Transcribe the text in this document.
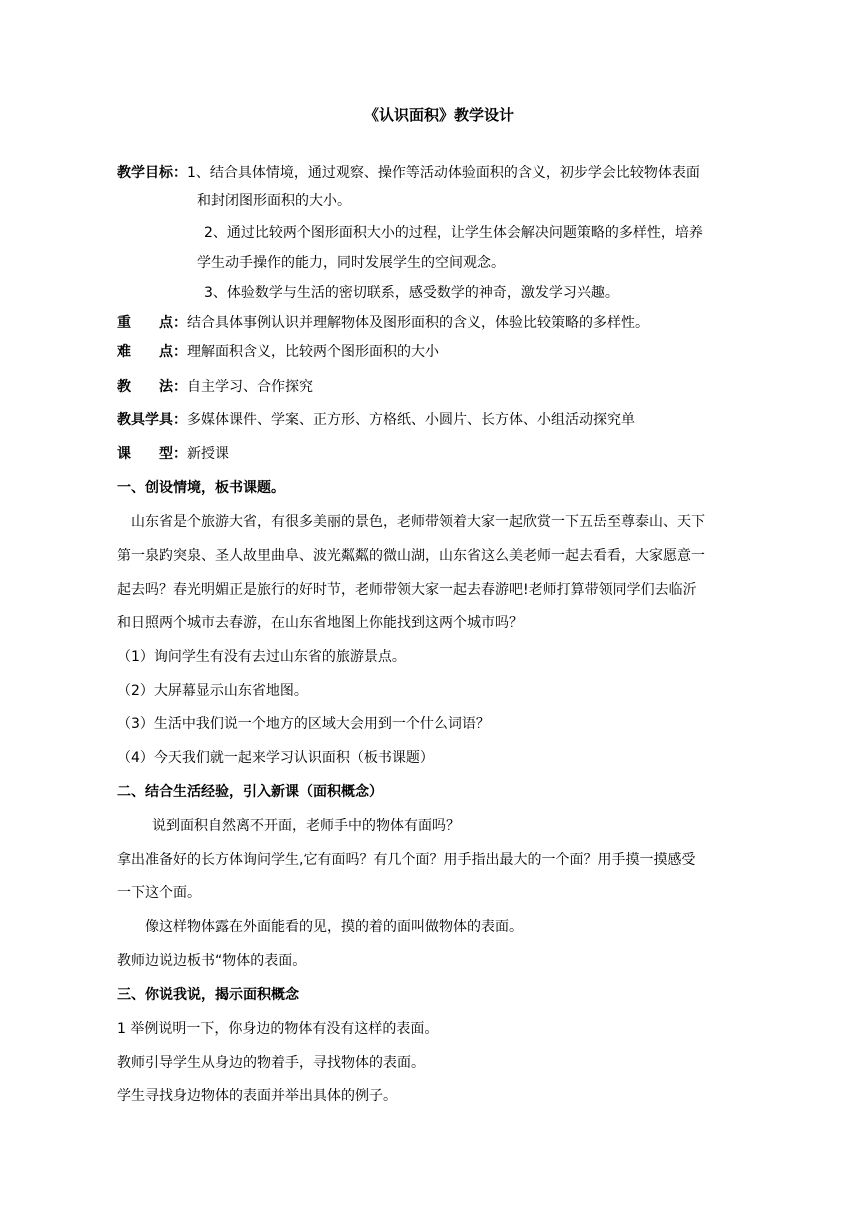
《认识面积》教学设计
教学目标：1、结合具体情境，通过观察、操作等活动体验面积的含义，初步学会比较物体表面
和封闭图形面积的大小。
2、通过比较两个图形面积大小的过程，让学生体会解决问题策略的多样性，培养
学生动手操作的能力，同时发展学生的空间观念。
3、体验数学与生活的密切联系，感受数学的神奇，激发学习兴趣。
重　　点：结合具体事例认识并理解物体及图形面积的含义，体验比较策略的多样性。
难　　点：理解面积含义，比较两个图形面积的大小
教　　法：自主学习、合作探究
教具学具：多媒体课件、学案、正方形、方格纸、小圆片、长方体、小组活动探究单
课　　型：新授课
一、创设情境，板书课题。
山东省是个旅游大省，有很多美丽的景色，老师带领着大家一起欣赏一下五岳至尊泰山、天下
第一泉趵突泉、圣人故里曲阜、波光粼粼的微山湖，山东省这么美老师一起去看看，大家愿意一
起去吗？春光明媚正是旅行的好时节，老师带领大家一起去春游吧!老师打算带领同学们去临沂
和日照两个城市去春游，在山东省地图上你能找到这两个城市吗？
（1）询问学生有没有去过山东省的旅游景点。
（2）大屏幕显示山东省地图。
（3）生活中我们说一个地方的区域大会用到一个什么词语？
（4）今天我们就一起来学习认识面积（板书课题）
二、结合生活经验，引入新课（面积概念）
说到面积自然离不开面，老师手中的物体有面吗？
拿出准备好的长方体询问学生,它有面吗？有几个面？用手指出最大的一个面？用手摸一摸感受
一下这个面。
像这样物体露在外面能看的见，摸的着的面叫做物体的表面。
教师边说边板书“物体的表面。
三、你说我说，揭示面积概念
1 举例说明一下，你身边的物体有没有这样的表面。
教师引导学生从身边的物着手，寻找物体的表面。
学生寻找身边物体的表面并举出具体的例子。
